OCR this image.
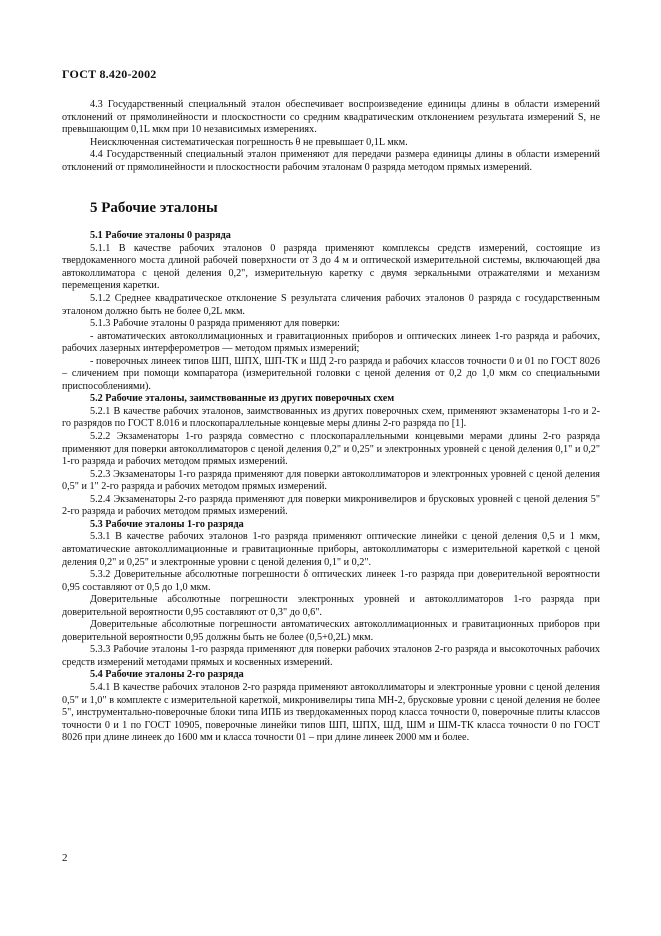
ГОСТ 8.420-2002

4.3 Государственный специальный эталон обеспечивает воспроизведение единицы длины в области измерений отклонений от прямолинейности и плоскостности со средним квадратическим отклонением результата измерений S, не превышающим 0,1L мкм при 10 независимых измерениях.

Неисключенная систематическая погрешность θ не превышает 0,1L мкм.

4.4 Государственный специальный эталон применяют для передачи размера единицы длины в области измерений отклонений от прямолинейности и плоскостности рабочим эталонам 0 разряда методом прямых измерений.

5 Рабочие эталоны

5.1 Рабочие эталоны 0 разряда

5.1.1 В качестве рабочих эталонов 0 разряда применяют комплексы средств измерений, состоящие из твердокаменного моста длиной рабочей поверхности от 3 до 4 м и оптической измерительной системы, включающей два автоколлиматора с ценой деления 0,2", измерительную каретку с двумя зеркальными отражателями и механизм перемещения каретки.

5.1.2 Среднее квадратическое отклонение S результата сличения рабочих эталонов 0 разряда с государственным эталоном должно быть не более 0,2L мкм.

5.1.3 Рабочие эталоны 0 разряда применяют для поверки:

- автоматических автоколлимационных и гравитационных приборов и оптических линеек 1-го разряда и рабочих, рабочих лазерных интерферометров — методом прямых измерений;

- поверочных линеек типов ШП, ШПХ, ШП-ТК и ШД 2-го разряда и рабочих классов точности 0 и 01 по ГОСТ 8026 – сличением при помощи компаратора (измерительной головки с ценой деления от 0,2 до 1,0 мкм со специальными приспособлениями).

5.2 Рабочие эталоны, заимствованные из других поверочных схем

5.2.1 В качестве рабочих эталонов, заимствованных из других поверочных схем, применяют экзаменаторы 1-го и 2-го разрядов по ГОСТ 8.016 и плоскопараллельные концевые меры длины 2-го разряда по [1].

5.2.2 Экзаменаторы 1-го разряда совместно с плоскопараллельными концевыми мерами длины 2-го разряда применяют для поверки автоколлиматоров с ценой деления 0,2" и 0,25" и электронных уровней с ценой деления 0,1" и 0,2" 1-го разряда и рабочих методом прямых измерений.

5.2.3 Экзаменаторы 1-го разряда применяют для поверки автоколлиматоров и электронных уровней с ценой деления 0,5" и 1" 2-го разряда и рабочих методом прямых измерений.

5.2.4 Экзаменаторы 2-го разряда применяют для поверки микронивелиров и брусковых уровней с ценой деления 5" 2-го разряда и рабочих методом прямых измерений.

5.3 Рабочие эталоны 1-го разряда

5.3.1 В качестве рабочих эталонов 1-го разряда применяют оптические линейки с ценой деления 0,5 и 1 мкм, автоматические автоколлимационные и гравитационные приборы, автоколлиматоры с измерительной кареткой с ценой деления 0,2" и 0,25" и электронные уровни с ценой деления 0,1" и 0,2".

5.3.2 Доверительные абсолютные погрешности δ оптических линеек 1-го разряда при доверительной вероятности 0,95 составляют от 0,5 до 1,0 мкм.

Доверительные абсолютные погрешности электронных уровней и автоколлиматоров 1-го разряда при доверительной вероятности 0,95 составляют от 0,3" до 0,6".

Доверительные абсолютные погрешности автоматических автоколлимационных и гравитационных приборов при доверительной вероятности 0,95 должны быть не более (0,5+0,2L) мкм.

5.3.3 Рабочие эталоны 1-го разряда применяют для поверки рабочих эталонов 2-го разряда и высокоточных рабочих средств измерений методами прямых и косвенных измерений.

5.4 Рабочие эталоны 2-го разряда

5.4.1 В качестве рабочих эталонов 2-го разряда применяют автоколлиматоры и электронные уровни с ценой деления 0,5" и 1,0" в комплекте с измерительной кареткой, микронивелиры типа МН-2, брусковые уровни с ценой деления не более 5", инструментально-поверочные блоки типа ИПБ из твердокаменных пород класса точности 0, поверочные плиты классов точности 0 и 1 по ГОСТ 10905, поверочные линейки типов ШП, ШПХ, ШД, ШМ и ШМ-ТК класса точности 0 по ГОСТ 8026 при длине линеек до 1600 мм и класса точности 01 – при длине линеек 2000 мм и более.

2
